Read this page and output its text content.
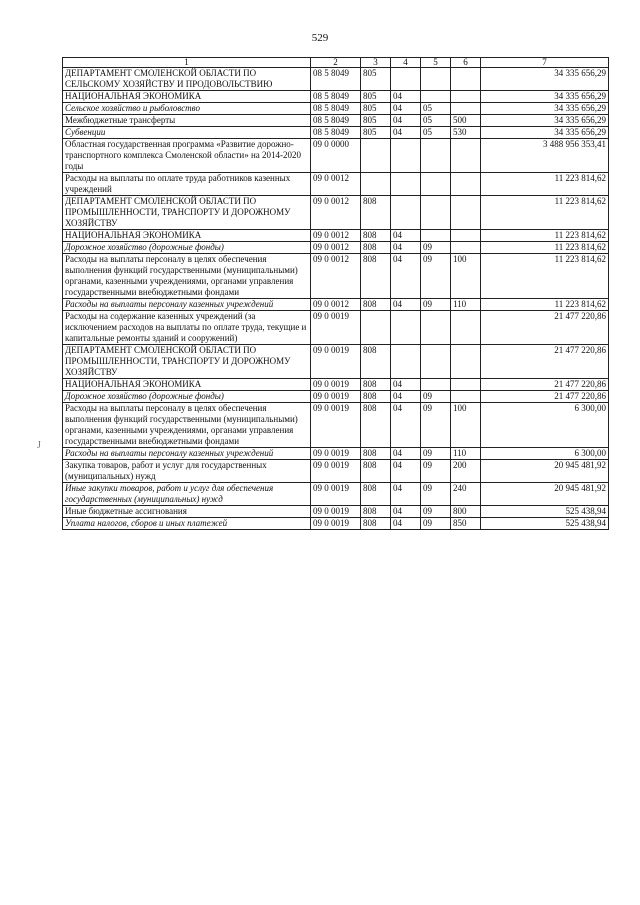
529
J
1	2	3	4	5	6	7
ДЕПАРТАМЕНТ СМОЛЕНСКОЙ ОБЛАСТИ ПО СЕЛЬСКОМУ ХОЗЯЙСТВУ И ПРОДОВОЛЬСТВИЮ	08 5 8049	805				34 335 656,29
НАЦИОНАЛЬНАЯ ЭКОНОМИКА	08 5 8049	805	04			34 335 656,29
Сельское хозяйство и рыболовство	08 5 8049	805	04	05		34 335 656,29
Межбюджетные трансферты	08 5 8049	805	04	05	500	34 335 656,29
Субвенции	08 5 8049	805	04	05	530	34 335 656,29
Областная государственная программа «Развитие дорожно-транспортного комплекса Смоленской области» на 2014-2020 годы	09 0 0000					3 488 956 353,41
Расходы на выплаты по оплате труда работников казенных учреждений	09 0 0012					11 223 814,62
ДЕПАРТАМЕНТ СМОЛЕНСКОЙ ОБЛАСТИ ПО ПРОМЫШЛЕННОСТИ, ТРАНСПОРТУ И ДОРОЖНОМУ ХОЗЯЙСТВУ	09 0 0012	808				11 223 814,62
НАЦИОНАЛЬНАЯ ЭКОНОМИКА	09 0 0012	808	04			11 223 814,62
Дорожное хозяйство (дорожные фонды)	09 0 0012	808	04	09		11 223 814,62
Расходы на выплаты персоналу в целях обеспечения выполнения функций государственными (муниципальными) органами, казенными учреждениями, органами управления государственными внебюджетными фондами	09 0 0012	808	04	09	100	11 223 814,62
Расходы на выплаты персоналу казенных учреждений	09 0 0012	808	04	09	110	11 223 814,62
Расходы на содержание казенных учреждений (за исключением расходов на выплаты по оплате труда, текущие и капитальные ремонты зданий и сооружений)	09 0 0019					21 477 220,86
ДЕПАРТАМЕНТ СМОЛЕНСКОЙ ОБЛАСТИ ПО ПРОМЫШЛЕННОСТИ, ТРАНСПОРТУ И ДОРОЖНОМУ ХОЗЯЙСТВУ	09 0 0019	808				21 477 220,86
НАЦИОНАЛЬНАЯ ЭКОНОМИКА	09 0 0019	808	04			21 477 220,86
Дорожное хозяйство (дорожные фонды)	09 0 0019	808	04	09		21 477 220,86
Расходы на выплаты персоналу в целях обеспечения выполнения функций государственными (муниципальными) органами, казенными учреждениями, органами управления государственными внебюджетными фондами	09 0 0019	808	04	09	100	6 300,00
Расходы на выплаты персоналу казенных учреждений	09 0 0019	808	04	09	110	6 300,00
Закупка товаров, работ и услуг для государственных (муниципальных) нужд	09 0 0019	808	04	09	200	20 945 481,92
Иные закупки товаров, работ и услуг для обеспечения государственных (муниципальных) нужд	09 0 0019	808	04	09	240	20 945 481,92
Иные бюджетные ассигнования	09 0 0019	808	04	09	800	525 438,94
Уплата налогов, сборов и иных платежей	09 0 0019	808	04	09	850	525 438,94
